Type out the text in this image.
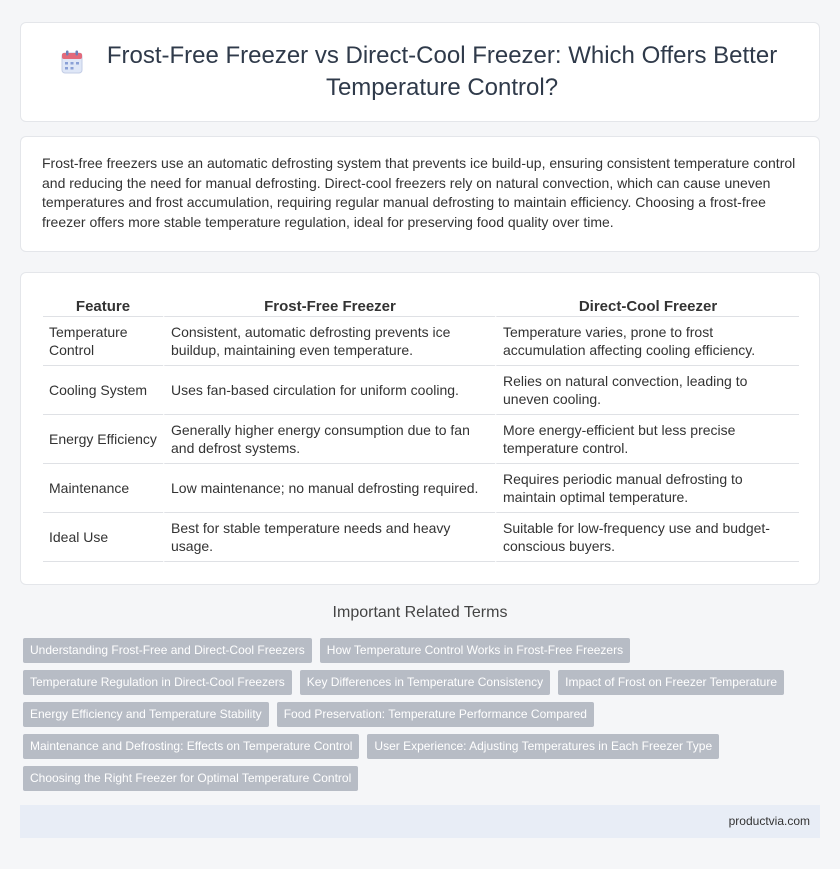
Frost-Free Freezer vs Direct-Cool Freezer: Which Offers Better Temperature Control?

Frost-free freezers use an automatic defrosting system that prevents ice build-up, ensuring consistent temperature control and reducing the need for manual defrosting. Direct-cool freezers rely on natural convection, which can cause uneven temperatures and frost accumulation, requiring regular manual defrosting to maintain efficiency. Choosing a frost-free freezer offers more stable temperature regulation, ideal for preserving food quality over time.

Feature	Frost-Free Freezer	Direct-Cool Freezer
Temperature Control	Consistent, automatic defrosting prevents ice buildup, maintaining even temperature.	Temperature varies, prone to frost accumulation affecting cooling efficiency.
Cooling System	Uses fan-based circulation for uniform cooling.	Relies on natural convection, leading to uneven cooling.
Energy Efficiency	Generally higher energy consumption due to fan and defrost systems.	More energy-efficient but less precise temperature control.
Maintenance	Low maintenance; no manual defrosting required.	Requires periodic manual defrosting to maintain optimal temperature.
Ideal Use	Best for stable temperature needs and heavy usage.	Suitable for low-frequency use and budget-conscious buyers.
Important Related Terms
Understanding Frost-Free and Direct-Cool Freezers	How Temperature Control Works in Frost-Free Freezers
Temperature Regulation in Direct-Cool Freezers	Key Differences in Temperature Consistency	Impact of Frost on Freezer Temperature
Energy Efficiency and Temperature Stability	Food Preservation: Temperature Performance Compared
Maintenance and Defrosting: Effects on Temperature Control	User Experience: Adjusting Temperatures in Each Freezer Type
Choosing the Right Freezer for Optimal Temperature Control
productvia.com
